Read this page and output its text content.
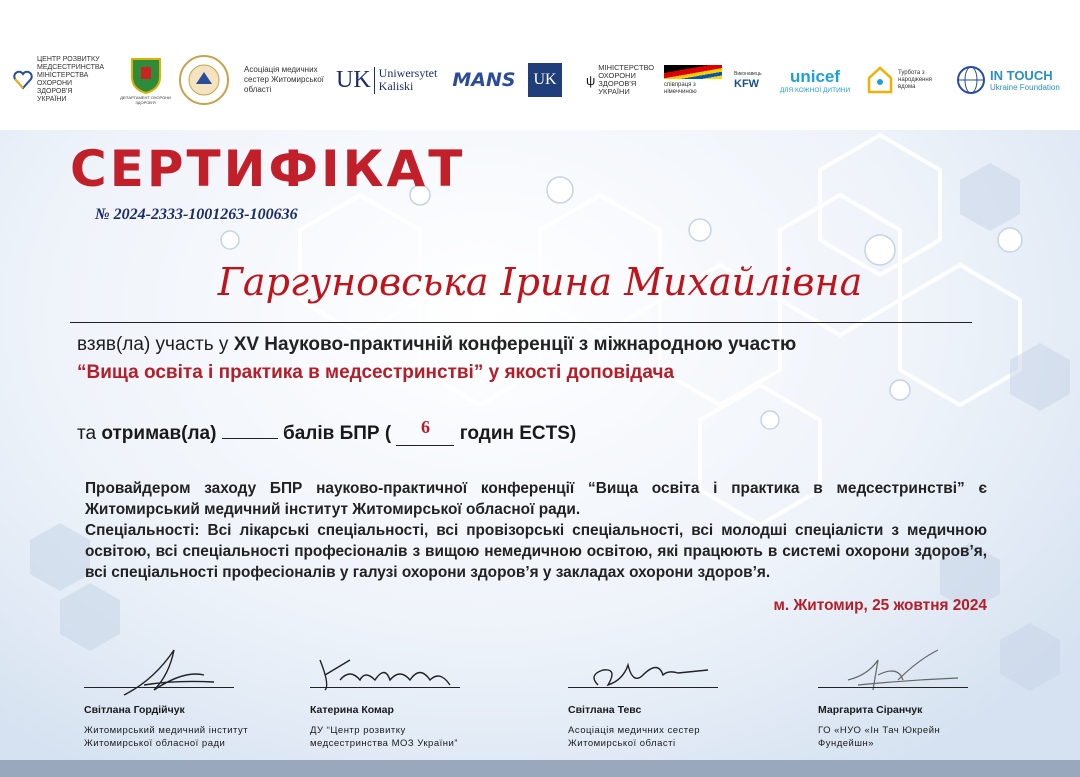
ЦЕНТР РОЗВИТКУ МЕДСЕСТРИНСТВА МІНІСТЕРСТВА ОХОРОНИ ЗДОРОВ'Я УКРАЇНИ	ДЕПАРТАМЕНТ ОХОРОНИ ЗДОРОВ'Я
Асоціація медичних сестер Житомирської області	UK Uniwersytet Kaliski	MANS	UK	ψ
МІНІСТЕРСТВО ОХОРОНИ ЗДОРОВ'Я УКРАЇНИ
співпраця з німеччиною
Виконавець
KFW unicef
ДЛЯ КОЖНОЇ ДИТИНИ
Турбота з народження вдома
IN TOUCH
Ukraine Foundation
СЕРТИФІКАТ
№ 2024-2333-1001263-100636
Гаргуновська Ірина Михайлівна
взяв(ла) участь у XV Науково-практичній конференції з міжнародною участю
“Вища освіта і практика в медсестринстві” у якості доповідача
та отримав(ла)	балів БПР ( 6 годин ECTS)
Провайдером заходу БПР науково-практичної конференції “Вища освіта і практика в медсестринстві” є Житомирський медичний інститут Житомирської обласної ради.
Спеціальності: Всі лікарські спеціальності, всі провізорські спеціальності, всі молодші спеціалісти з медичною освітою, всі спеціальності професіоналів з вищою немедичною освітою, які працюють в системі охорони здоров’я, всі спеціальності професіоналів у галузі охорони здоров’я у закладах охорони здоров’я.
м. Житомир, 25 жовтня 2024
Світлана Гордійчук
Житомирський медичний інститут
Житомирської обласної ради
Катерина Комар
ДУ “Центр розвитку
медсестринства МОЗ України”
Світлана Тевс
Асоціація медичних сестер
Житомирської області
Маргарита Сіранчук
ГО «НУО «Ін Тач Юкрейн
Фундейшн»
